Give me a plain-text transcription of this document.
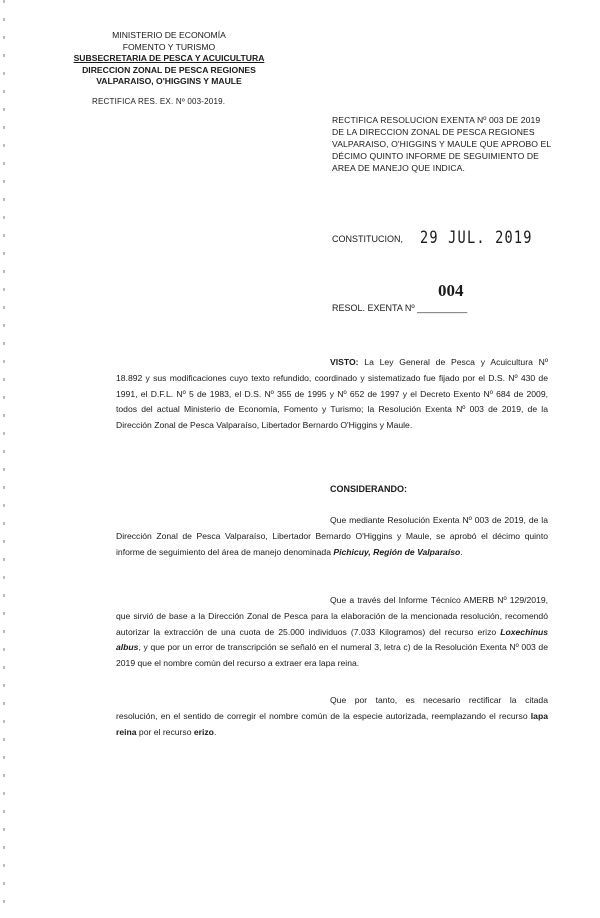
MINISTERIO DE ECONOMÍA
FOMENTO Y TURISMO
SUBSECRETARIA DE PESCA Y ACUICULTURA
DIRECCION ZONAL DE PESCA REGIONES
VALPARAISO, O'HIGGINS Y MAULE
RECTIFICA RES. EX. Nº 003-2019.
RECTIFICA RESOLUCION EXENTA Nº 003 DE 2019 DE LA DIRECCION ZONAL DE PESCA REGIONES VALPARAISO, O'HIGGINS Y MAULE QUE APROBO EL DÉCIMO QUINTO INFORME DE SEGUIMIENTO DE AREA DE MANEJO QUE INDICA.
CONSTITUCION, 29 JUL. 2019
004
RESOL. EXENTA Nº __________

VISTO: La Ley General de Pesca y Acuicultura Nº 18.892 y sus modificaciones cuyo texto refundido, coordinado y sistematizado fue fijado por el D.S. Nº 430 de 1991, el D.F.L. Nº 5 de 1983, el D.S. Nº 355 de 1995 y Nº 652 de 1997 y el Decreto Exento Nº 684 de 2009, todos del actual Ministerio de Economía, Fomento y Turismo; la Resolución Exenta Nº 003 de 2019, de la Dirección Zonal de Pesca Valparaíso, Libertador Bernardo O'Higgins y Maule.

CONSIDERANDO:

Que mediante Resolución Exenta Nº 003 de 2019, de la Dirección Zonal de Pesca Valparaíso, Libertador Bernardo O'Higgins y Maule, se aprobó el décimo quinto informe de seguimiento del área de manejo denominada Pichicuy, Región de Valparaíso.

Que a través del Informe Técnico AMERB Nº 129/2019, que sirvió de base a la Dirección Zonal de Pesca para la elaboración de la mencionada resolución, recomendó autorizar la extracción de una cuota de 25.000 individuos (7.033 Kilogramos) del recurso erizo Loxechinus albus, y que por un error de transcripción se señaló en el numeral 3, letra c) de la Resolución Exenta Nº 003 de 2019 que el nombre común del recurso a extraer era lapa reina.

Que por tanto, es necesario rectificar la citada resolución, en el sentido de corregir el nombre común de la especie autorizada, reemplazando el recurso lapa reina por el recurso erizo.
